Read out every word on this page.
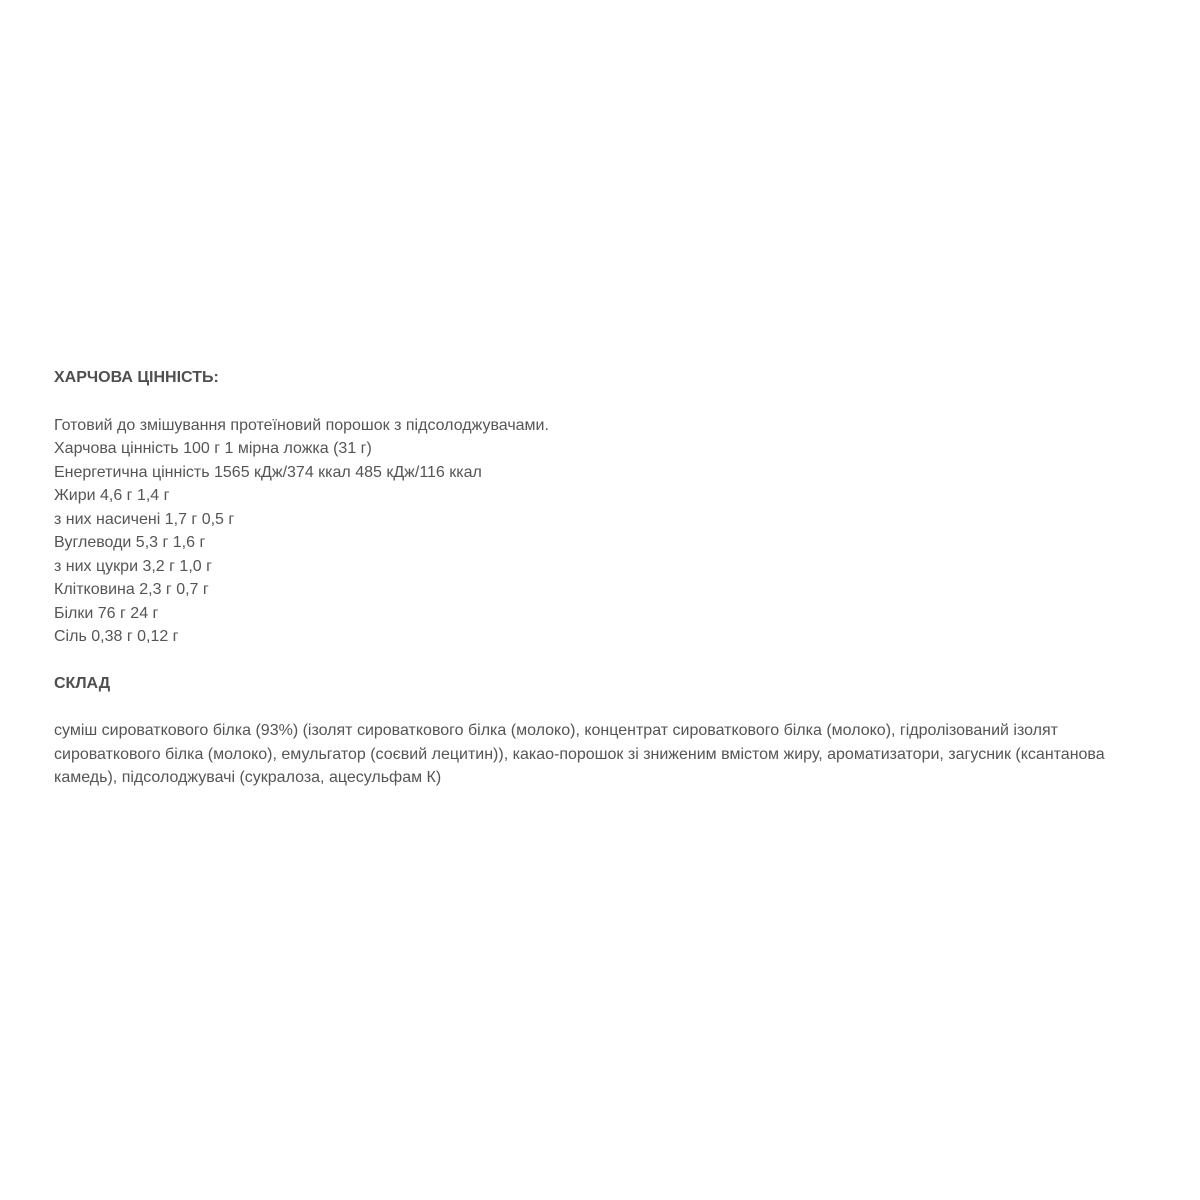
ХАРЧОВА ЦІННІСТЬ:
Готовий до змішування протеїновий порошок з підсолоджувачами.
Харчова цінність 100 г 1 мірна ложка (31 г)
Енергетична цінність 1565 кДж/374 ккал 485 кДж/116 ккал
Жири 4,6 г 1,4 г
з них насичені 1,7 г 0,5 г
Вуглеводи 5,3 г 1,6 г
з них цукри 3,2 г 1,0 г
Клітковина 2,3 г 0,7 г
Білки 76 г 24 г
Сіль 0,38 г 0,12 г
СКЛАД

суміш сироваткового білка (93%) (ізолят сироваткового білка (молоко), концентрат сироваткового білка (молоко), гідролізований ізолят сироваткового білка (молоко), емульгатор (соєвий лецитин)), какао-порошок зі зниженим вмістом жиру, ароматизатори, загусник (ксантанова камедь), підсолоджувачі (сукралоза, ацесульфам К)
